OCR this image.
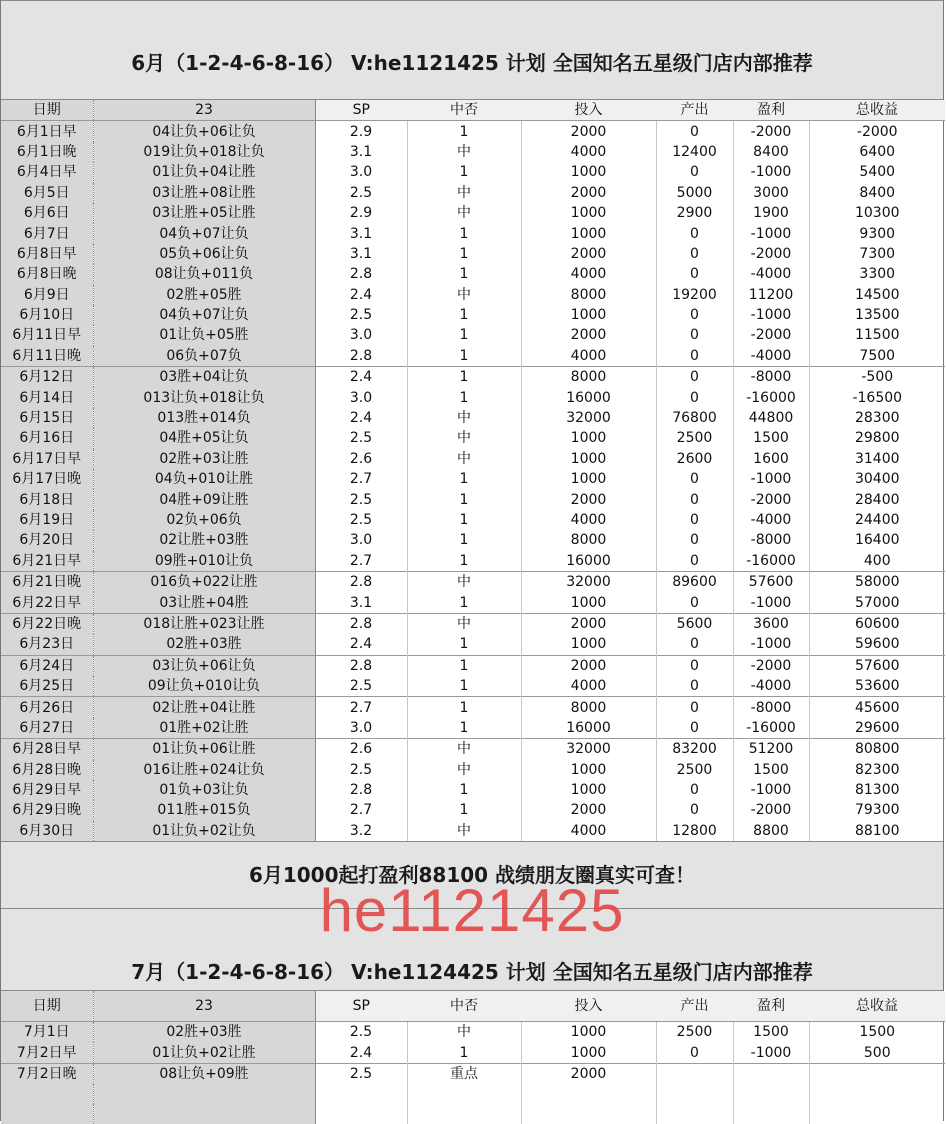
6月（1-2-4-6-8-16） V:he1121425 计划 全国知名五星级门店内部推荐
日期	23	SP	中否	投入	产出	盈利	总收益
6月1日早	04让负+06让负	2.9	1	2000	0	-2000	-2000
6月1日晚	019让负+018让负	3.1	中	4000	12400	8400	6400
6月4日早	01让负+04让胜	3.0	1	1000	0	-1000	5400
6月5日	03让胜+08让胜	2.5	中	2000	5000	3000	8400
6月6日	03让胜+05让胜	2.9	中	1000	2900	1900	10300
6月7日	04负+07让负	3.1	1	1000	0	-1000	9300
6月8日早	05负+06让负	3.1	1	2000	0	-2000	7300
6月8日晚	08让负+011负	2.8	1	4000	0	-4000	3300
6月9日	02胜+05胜	2.4	中	8000	19200	11200	14500
6月10日	04负+07让负	2.5	1	1000	0	-1000	13500
6月11日早	01让负+05胜	3.0	1	2000	0	-2000	11500
6月11日晚	06负+07负	2.8	1	4000	0	-4000	7500
6月12日	03胜+04让负	2.4	1	8000	0	-8000	-500
6月14日	013让负+018让负	3.0	1	16000	0	-16000	-16500
6月15日	013胜+014负	2.4	中	32000	76800	44800	28300
6月16日	04胜+05让负	2.5	中	1000	2500	1500	29800
6月17日早	02胜+03让胜	2.6	中	1000	2600	1600	31400
6月17日晚	04负+010让胜	2.7	1	1000	0	-1000	30400
6月18日	04胜+09让胜	2.5	1	2000	0	-2000	28400
6月19日	02负+06负	2.5	1	4000	0	-4000	24400
6月20日	02让胜+03胜	3.0	1	8000	0	-8000	16400
6月21日早	09胜+010让负	2.7	1	16000	0	-16000	400
6月21日晚	016负+022让胜	2.8	中	32000	89600	57600	58000
6月22日早	03让胜+04胜	3.1	1	1000	0	-1000	57000
6月22日晚	018让胜+023让胜	2.8	中	2000	5600	3600	60600
6月23日	02胜+03胜	2.4	1	1000	0	-1000	59600
6月24日	03让负+06让负	2.8	1	2000	0	-2000	57600
6月25日	09让负+010让负	2.5	1	4000	0	-4000	53600
6月26日	02让胜+04让胜	2.7	1	8000	0	-8000	45600
6月27日	01胜+02让胜	3.0	1	16000	0	-16000	29600
6月28日早	01让负+06让胜	2.6	中	32000	83200	51200	80800
6月28日晚	016让胜+024让负	2.5	中	1000	2500	1500	82300
6月29日早	01负+03让负	2.8	1	1000	0	-1000	81300
6月29日晚	011胜+015负	2.7	1	2000	0	-2000	79300
6月30日	01让负+02让负	3.2	中	4000	12800	8800	88100
6月1000起打盈利88100 战绩朋友圈真实可查！
7月（1-2-4-6-8-16） V:he1124425 计划 全国知名五星级门店内部推荐
he1121425
日期	23	SP	中否	投入	产出	盈利	总收益
7月1日	02胜+03胜	2.5	中	1000	2500	1500	1500
7月2日早	01让负+02让胜	2.4	1	1000	0	-1000	500
7月2日晚	08让负+09胜	2.5	重点	2000			
